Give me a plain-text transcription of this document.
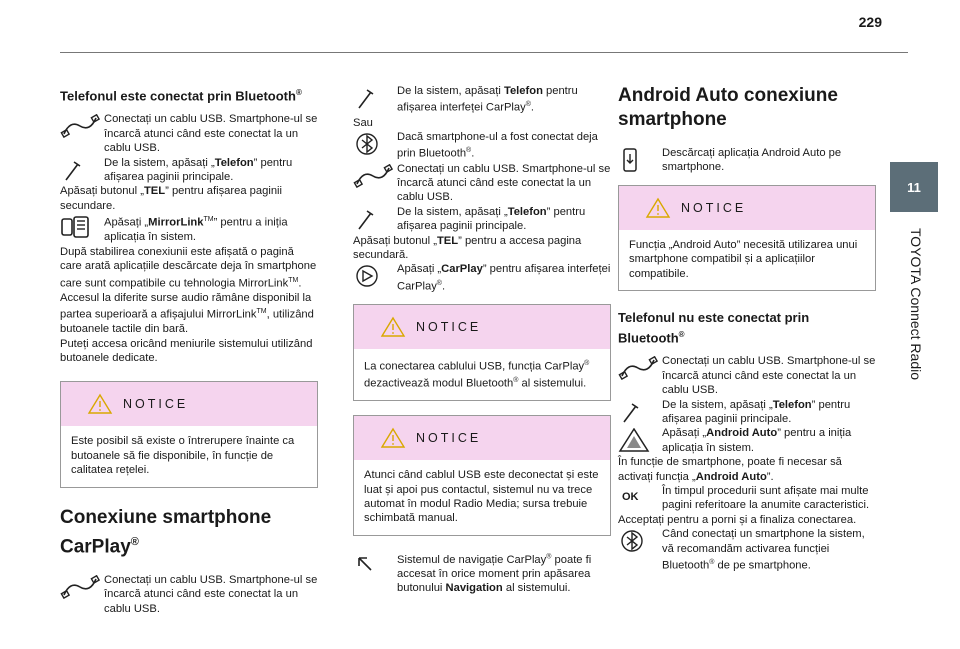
229
11
TOYOTA Connect Radio
Telefonul este conectat prin Bluetooth®
Conectați un cablu USB. Smartphone-ul se încarcă atunci când este conectat la un cablu USB.
De la sistem, apăsați „Telefon” pentru afișarea paginii principale.
Apăsați butonul „TEL” pentru afișarea paginii secundare.
Apăsați „MirrorLink™” pentru a iniția aplicația în sistem.
După stabilirea conexiunii este afișată o pagină care arată aplicațiile descărcate deja în smartphone care sunt compatibile cu tehnologia MirrorLink™.
Accesul la diferite surse audio rămâne disponibil la partea superioară a afișajului MirrorLink™, utilizând butoanele tactile din bară.
Puteți accesa oricând meniurile sistemului utilizând butoanele dedicate.
NOTICE
Este posibil să existe o întrerupere înainte ca butoanele să fie disponibile, în funcție de calitatea rețelei.
Conexiune smartphone CarPlay®
Conectați un cablu USB. Smartphone-ul se încarcă atunci când este conectat la un cablu USB.
De la sistem, apăsați Telefon pentru afișarea interfeței CarPlay®.
Sau
Dacă smartphone-ul a fost conectat deja prin Bluetooth®.
Conectați un cablu USB. Smartphone-ul se încarcă atunci când este conectat la un cablu USB.
De la sistem, apăsați „Telefon” pentru afișarea paginii principale.
Apăsați butonul „TEL” pentru a accesa pagina secundară.
Apăsați „CarPlay” pentru afișarea interfeței CarPlay®.
NOTICE
La conectarea cablului USB, funcția CarPlay® dezactivează modul Bluetooth® al sistemului.
NOTICE
Atunci când cablul USB este deconectat și este luat și apoi pus contactul, sistemul nu va trece automat în modul Radio Media; sursa trebuie schimbată manual.
Sistemul de navigație CarPlay® poate fi accesat în orice moment prin apăsarea butonului Navigation al sistemului.
Android Auto conexiune smartphone
Descărcați aplicația Android Auto pe smartphone.
NOTICE
Funcția „Android Auto” necesită utilizarea unui smartphone compatibil și a aplicațiilor compatibile.
Telefonul nu este conectat prin Bluetooth®
Conectați un cablu USB. Smartphone-ul se încarcă atunci când este conectat la un cablu USB.
De la sistem, apăsați „Telefon” pentru afișarea paginii principale.
Apăsați „Android Auto” pentru a iniția aplicația în sistem.
În funcție de smartphone, poate fi necesar să activați funcția „Android Auto”.
OK În timpul procedurii sunt afișate mai multe pagini referitoare la anumite caracteristici.
Acceptați pentru a porni și a finaliza conectarea.
Când conectați un smartphone la sistem, vă recomandăm activarea funcției Bluetooth® de pe smartphone.
